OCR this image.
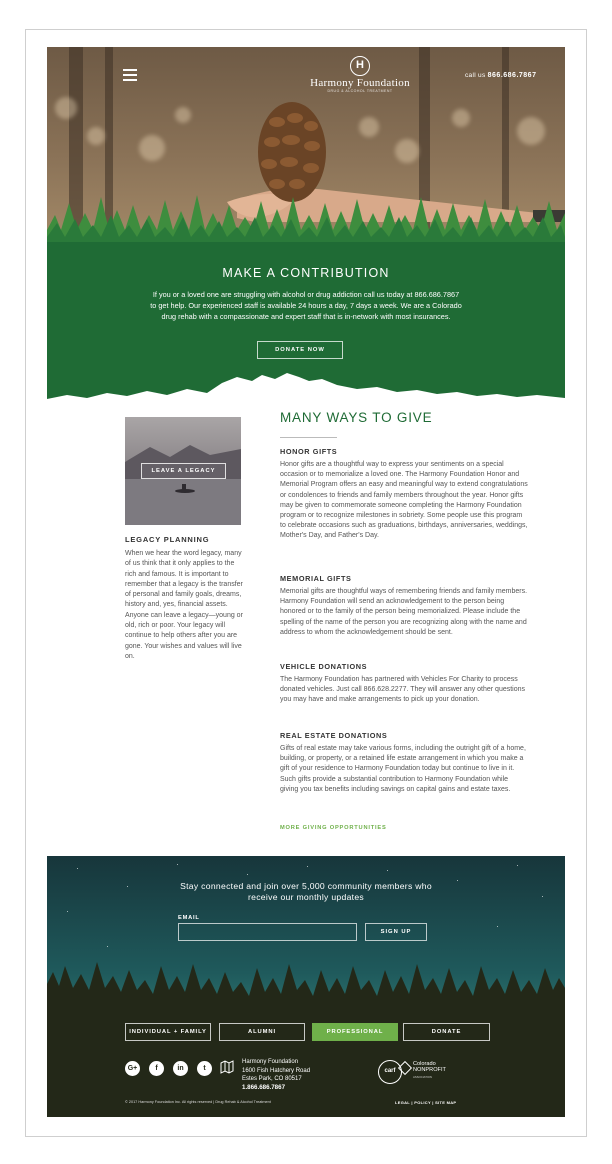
H
Harmony Foundation
DRUG & ALCOHOL TREATMENT
call us 866.686.7867
MAKE A CONTRIBUTION

If you or a loved one are struggling with alcohol or drug addiction call us today at 866.686.7867 to get help. Our experienced staff is available 24 hours a day, 7 days a week. We are a Colorado drug rehab with a compassionate and expert staff that is in-network with most insurances.

DONATE NOW
LEAVE A LEGACY
LEGACY PLANNING

When we hear the word legacy, many of us think that it only applies to the rich and famous. It is important to remember that a legacy is the transfer of personal and family goals, dreams, history and, yes, financial assets. Anyone can leave a legacy—young or old, rich or poor. Your legacy will continue to help others after you are gone. Your wishes and values will live on.

MANY WAYS TO GIVE
HONOR GIFTS

Honor gifts are a thoughtful way to express your sentiments on a special occasion or to memorialize a loved one. The Harmony Foundation Honor and Memorial Program offers an easy and meaningful way to extend congratulations or condolences to friends and family members throughout the year. Honor gifts may be given to commemorate someone completing the Harmony Foundation program or to recognize milestones in sobriety. Some people use this program to celebrate occasions such as graduations, birthdays, anniversaries, weddings, Mother's Day, and Father's Day.

MEMORIAL GIFTS

Memorial gifts are thoughtful ways of remembering friends and family members. Harmony Foundation will send an acknowledgement to the person being honored or to the family of the person being memorialized. Please include the spelling of the name of the person you are recognizing along with the name and address to whom the acknowledgement should be sent.

VEHICLE DONATIONS

The Harmony Foundation has partnered with Vehicles For Charity to process donated vehicles. Just call 866.628.2277. They will answer any other questions you may have and make arrangements to pick up your donation.

REAL ESTATE DONATIONS

Gifts of real estate may take various forms, including the outright gift of a home, building, or property, or a retained life estate arrangement in which you make a gift of your residence to Harmony Foundation today but continue to live in it. Such gifts provide a substantial contribution to Harmony Foundation while giving you tax benefits including savings on capital gains and estate taxes.

MORE GIVING OPPORTUNITIES
Stay connected and join over 5,000 community members who receive our monthly updates
EMAIL
SIGN UP
INDIVIDUAL + FAMILY	ALUMNI	PROFESSIONAL	DONATE
G+	f	in	t
Harmony Foundation
1600 Fish Hatchery Road
Estes Park, CO 80517
1.866.686.7867
carf
Colorado
NONPROFIT
ASSOCIATION
© 2017 Harmony Foundation Inc. All rights reserved | Drug Rehab & Alcohol Treatment	LEGAL | POLICY | SITE MAP
